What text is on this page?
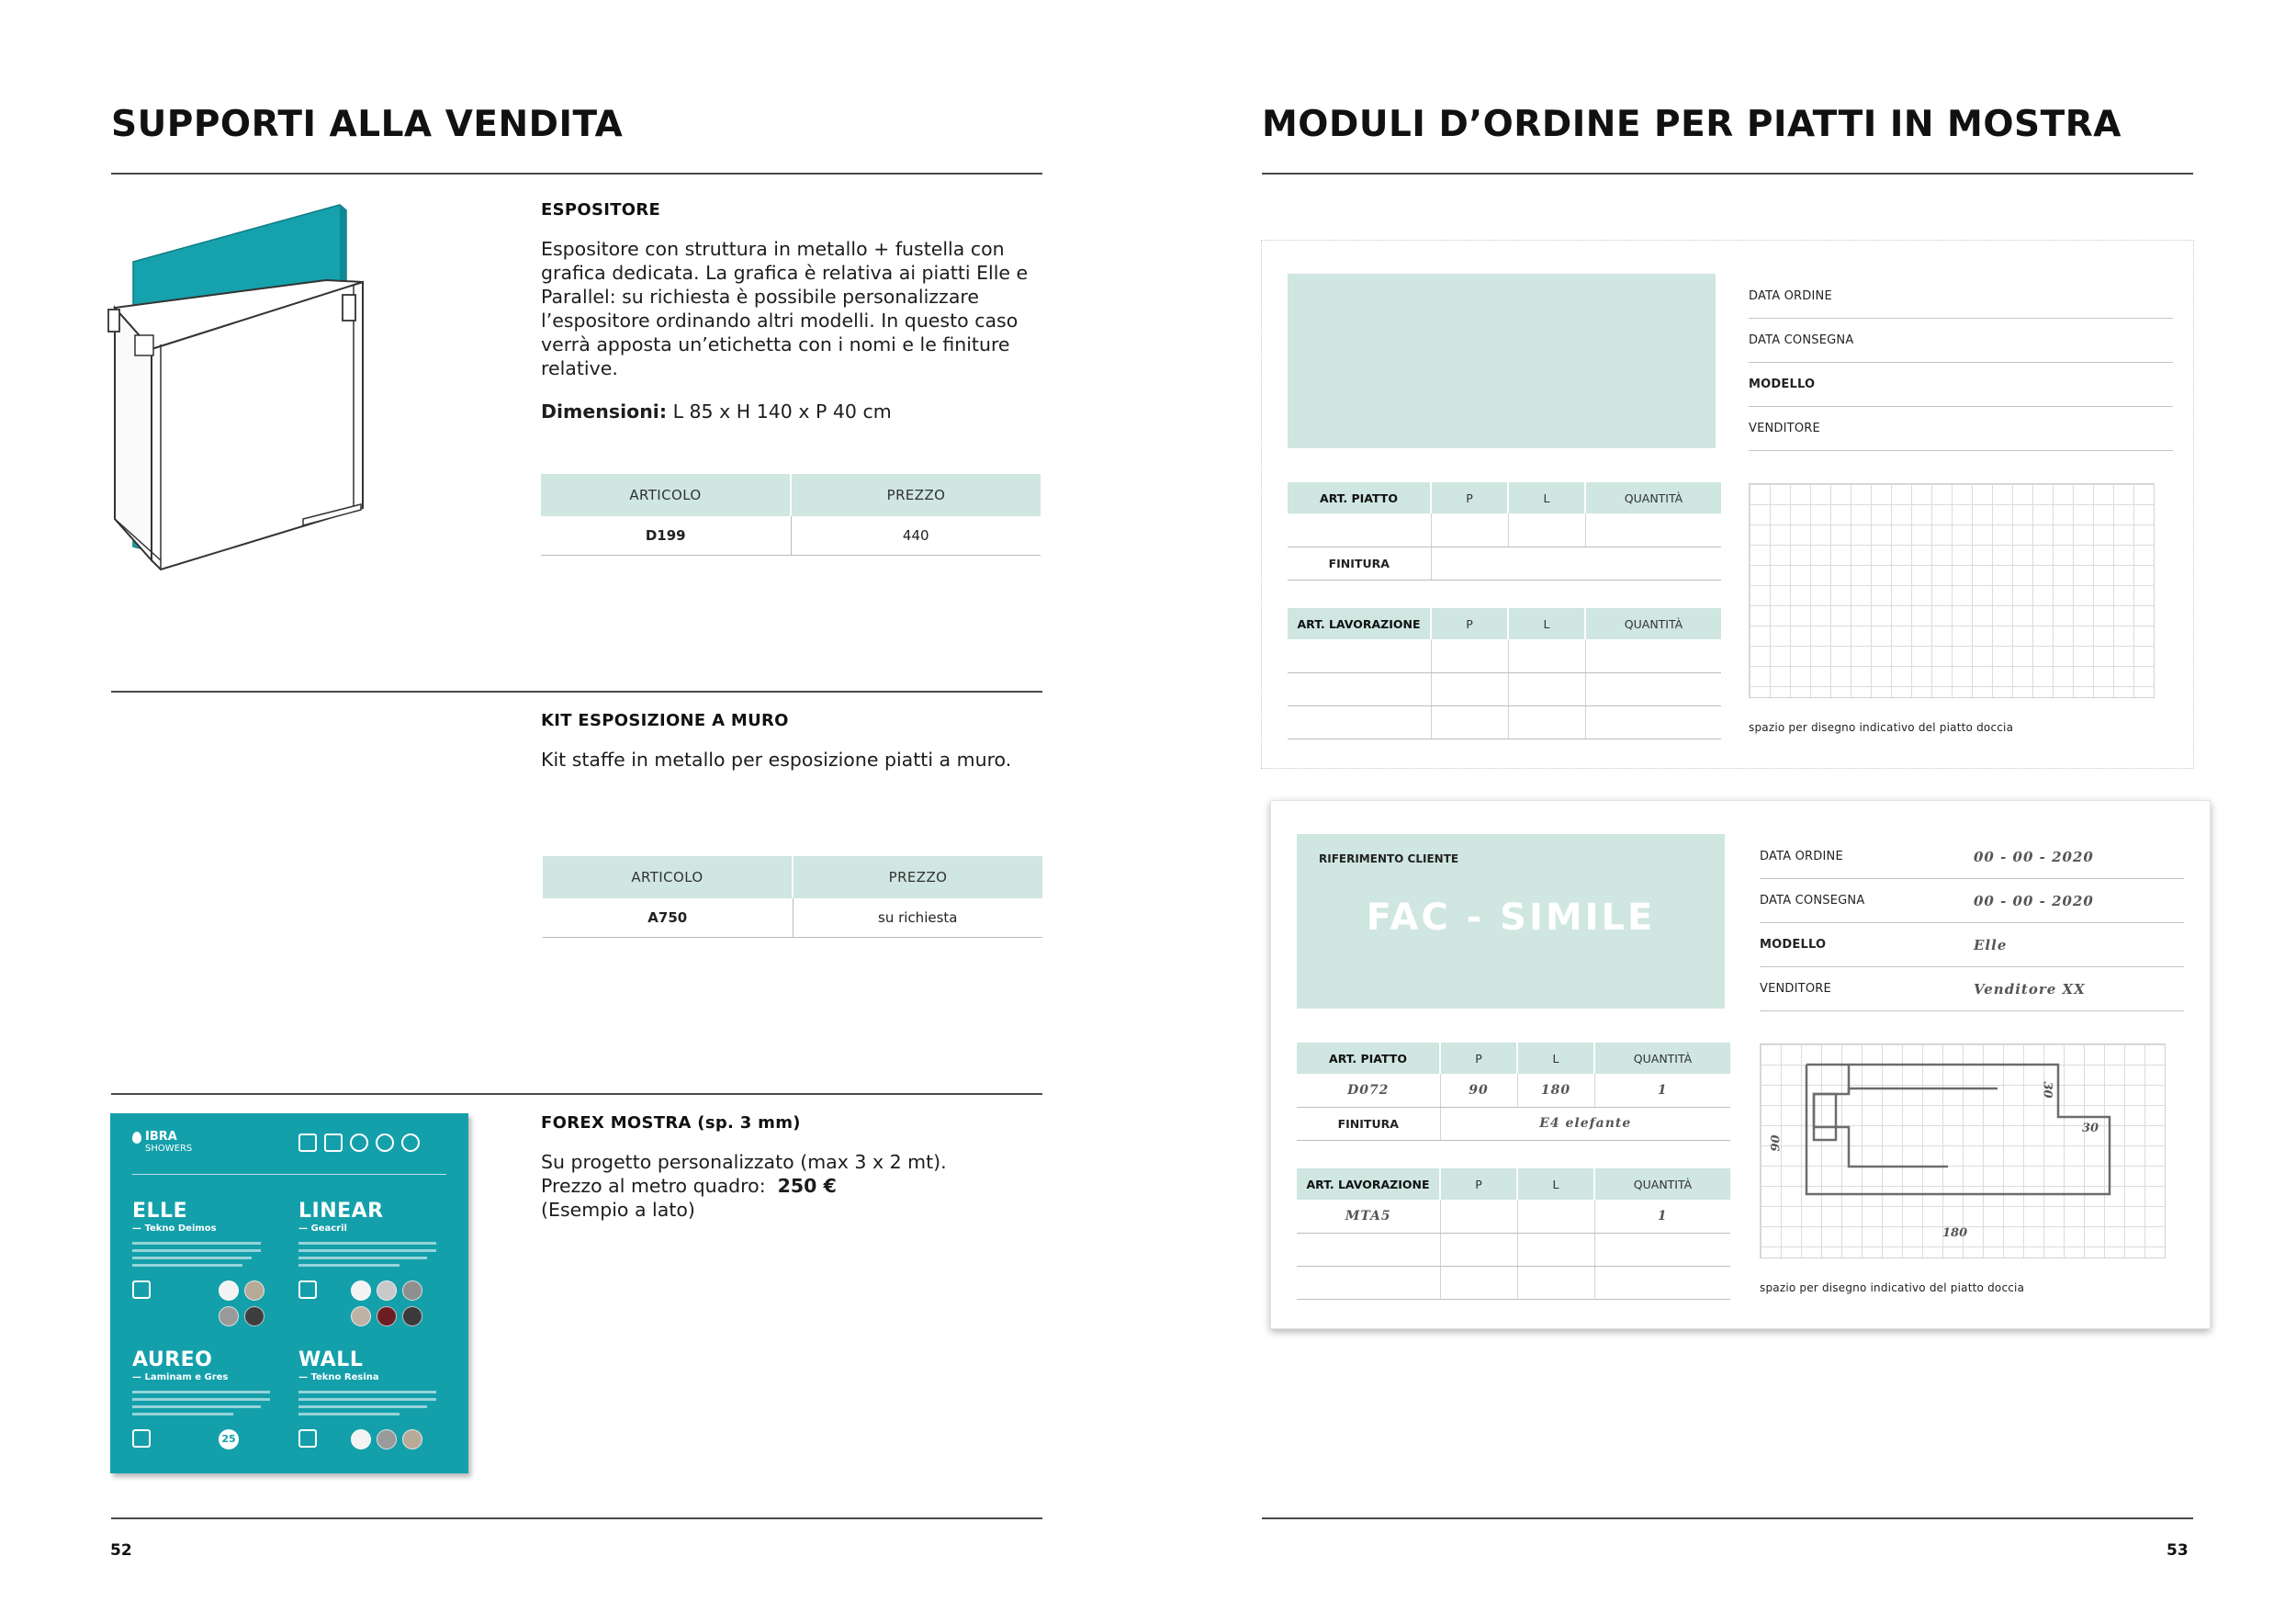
SUPPORTI ALLA VENDITA
ESPOSITORE
Espositore con struttura in metallo + fustella con grafica dedicata. La grafica è relativa ai piatti Elle e Parallel: su richiesta è possibile personalizzare l’espositore ordinando altri modelli. In questo caso verrà apposta un’etichetta con i nomi e le finiture relative.
Dimensioni: L 85 x H 140 x P 40 cm
ARTICOLO	PREZZO
D199	440
KIT ESPOSIZIONE A MURO
Kit staffe in metallo per esposizione piatti a muro.
ARTICOLO	PREZZO
A750	su richiesta
FOREX MOSTRA (sp. 3 mm)
Su progetto personalizzato (max 3 x 2 mt).
Prezzo al metro quadro: 250 €
(Esempio a lato)
IBRA
SHOWERS
ELLE
— Tekno Deimos
LINEAR
— Geacril
AUREO
— Laminam e Gres
25
WALL
— Tekno Resina
52
MODULI D’ORDINE PER PIATTI IN MOSTRA
DATA ORDINE
DATA CONSEGNA
MODELLO
VENDITORE
ART. PIATTO	P	L	QUANTITÀ

FINITURA			
ART. LAVORAZIONE	P	L	QUANTITÀ

spazio per disegno indicativo del piatto doccia
RIFERIMENTO CLIENTE
FAC - SIMILE
DATA ORDINE	00 - 00 - 2020
DATA CONSEGNA	00 - 00 - 2020
MODELLO	Elle
VENDITORE	Venditore XX
ART. PIATTO	P	L	QUANTITÀ
D072	90	180	1
FINITURA	E4 elefante		
ART. LAVORAZIONE	P	L	QUANTITÀ
MTA5			1

30
30
90
180
spazio per disegno indicativo del piatto doccia
53
